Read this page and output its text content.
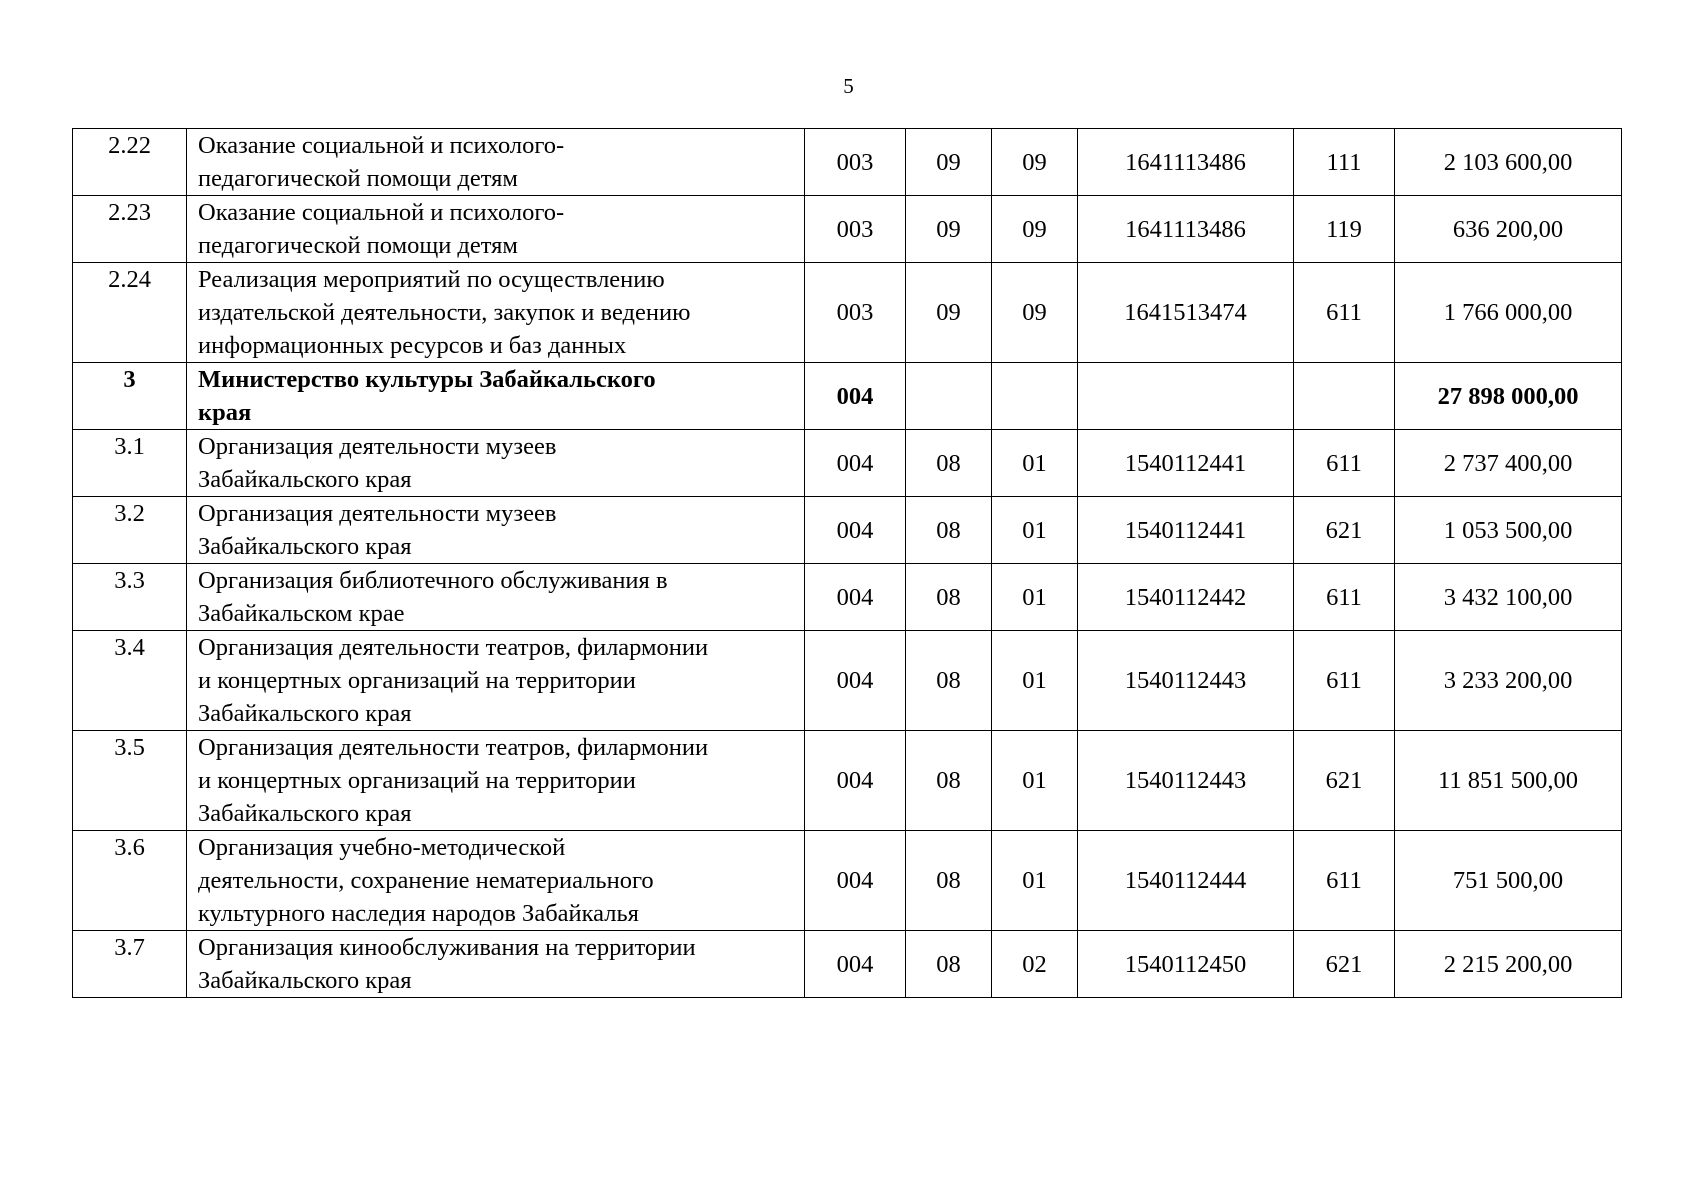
5
2.22	Оказание социальной и психолого-
педагогической помощи детям	003	09	09	1641113486	111	2 103 600,00
2.23	Оказание социальной и психолого-
педагогической помощи детям	003	09	09	1641113486	119	636 200,00
2.24	Реализация мероприятий по осуществлению
издательской деятельности, закупок и ведению
информационных ресурсов и баз данных	003	09	09	1641513474	611	1 766 000,00
3	Министерство культуры Забайкальского
края	004					27 898 000,00
3.1	Организация деятельности музеев
Забайкальского края	004	08	01	1540112441	611	2 737 400,00
3.2	Организация деятельности музеев
Забайкальского края	004	08	01	1540112441	621	1 053 500,00
3.3	Организация библиотечного обслуживания в
Забайкальском крае	004	08	01	1540112442	611	3 432 100,00
3.4	Организация деятельности театров, филармонии
и концертных организаций на территории
Забайкальского края	004	08	01	1540112443	611	3 233 200,00
3.5	Организация деятельности театров, филармонии
и концертных организаций на территории
Забайкальского края	004	08	01	1540112443	621	11 851 500,00
3.6	Организация учебно-методической
деятельности, сохранение нематериального
культурного наследия народов Забайкалья	004	08	01	1540112444	611	751 500,00
3.7	Организация кинообслуживания на территории
Забайкальского края	004	08	02	1540112450	621	2 215 200,00
